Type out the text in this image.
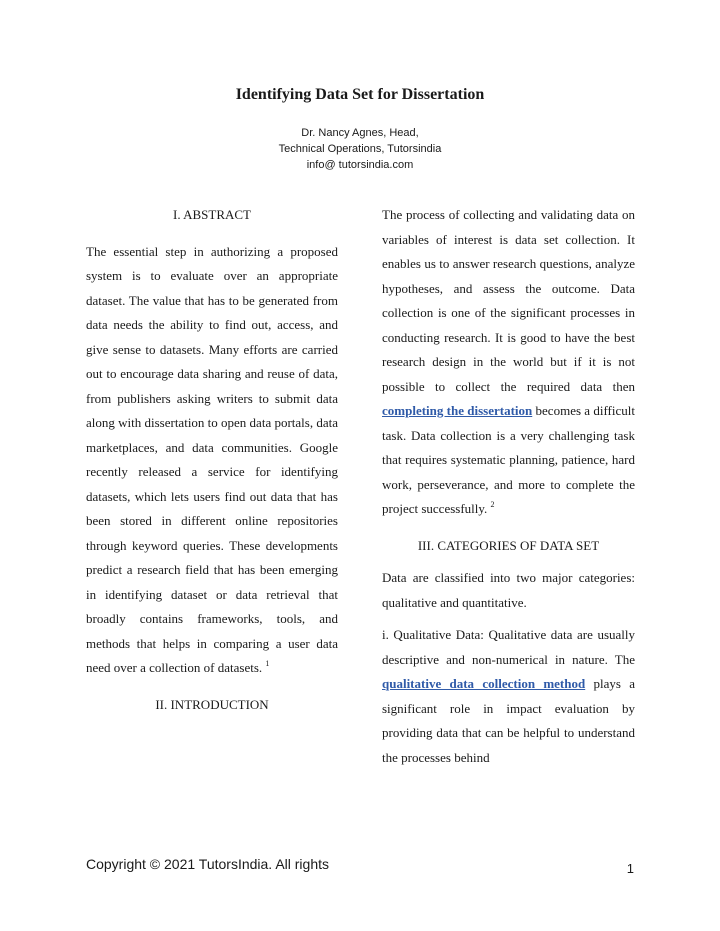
Identifying Data Set for Dissertation
Dr. Nancy Agnes, Head,
Technical Operations, Tutorsindia
info@ tutorsindia.com
I. ABSTRACT

The essential step in authorizing a proposed system is to evaluate over an appropriate dataset. The value that has to be generated from data needs the ability to find out, access, and give sense to datasets. Many efforts are carried out to encourage data sharing and reuse of data, from publishers asking writers to submit data along with dissertation to open data portals, data marketplaces, and data communities. Google recently released a service for identifying datasets, which lets users find out data that has been stored in different online repositories through keyword queries. These developments predict a research field that has been emerging in identifying dataset or data retrieval that broadly contains frameworks, tools, and methods that helps in comparing a user data need over a collection of datasets. $^1$

II. INTRODUCTION

The process of collecting and validating data on variables of interest is data set collection. It enables us to answer research questions, analyze hypotheses, and assess the outcome. Data collection is one of the significant processes in conducting research. It is good to have the best research design in the world but if it is not possible to collect the required data then completing the dissertation becomes a difficult task. Data collection is a very challenging task that requires systematic planning, patience, hard work, perseverance, and more to complete the project successfully. $^2$

III. CATEGORIES OF DATA SET

Data are classified into two major categories: qualitative and quantitative.

i. Qualitative Data: Qualitative data are usually descriptive and non-numerical in nature. The qualitative data collection method plays a significant role in impact evaluation by providing data that can be helpful to understand the processes behind

Copyright © 2021 TutorsIndia. All rights	1
